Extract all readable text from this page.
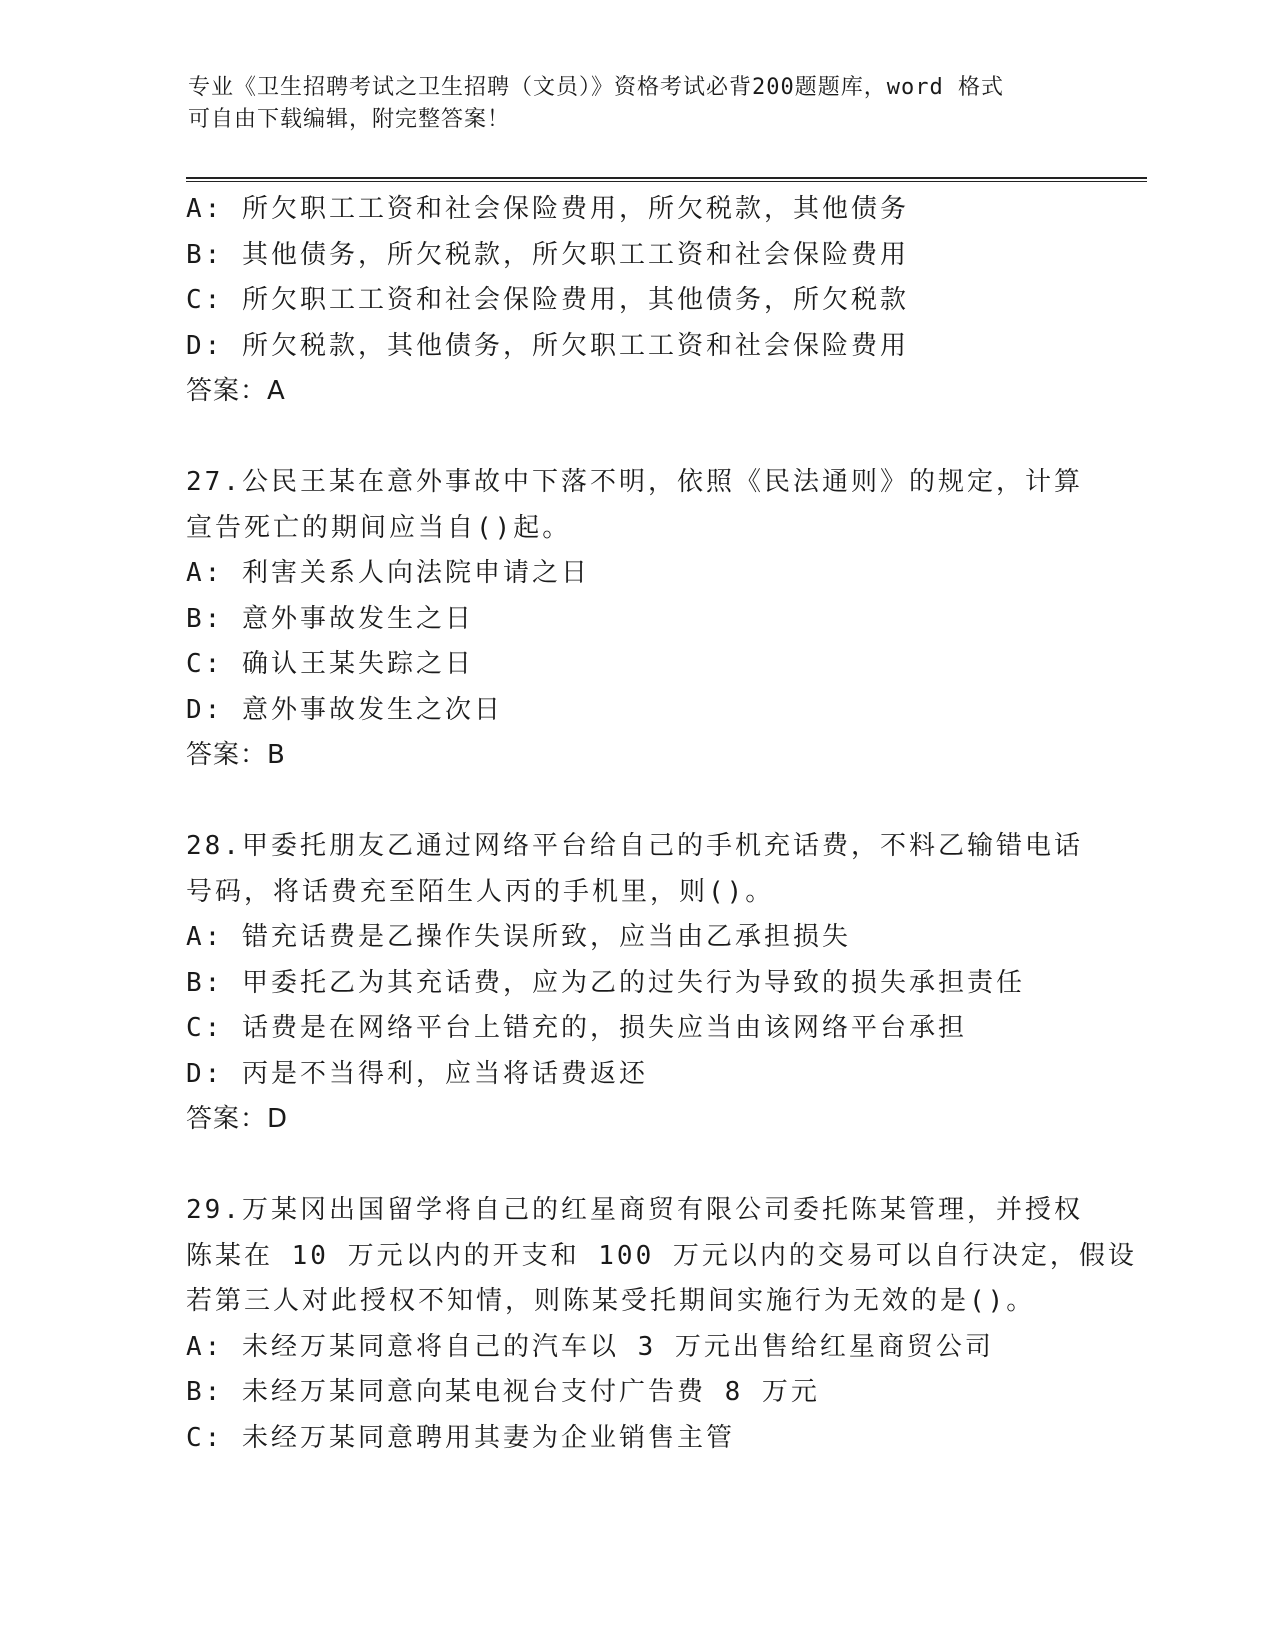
专业《卫生招聘考试之卫生招聘（文员）》资格考试必背200题题库，word 格式
可自由下载编辑，附完整答案！
A: 所欠职工工资和社会保险费用，所欠税款，其他债务
B: 其他债务，所欠税款，所欠职工工资和社会保险费用
C: 所欠职工工资和社会保险费用，其他债务，所欠税款
D: 所欠税款，其他债务，所欠职工工资和社会保险费用
答案：A
27.公民王某在意外事故中下落不明，依照《民法通则》的规定，计算
宣告死亡的期间应当自()起。
A: 利害关系人向法院申请之日
B: 意外事故发生之日
C: 确认王某失踪之日
D: 意外事故发生之次日
答案：B
28.甲委托朋友乙通过网络平台给自己的手机充话费，不料乙输错电话
号码，将话费充至陌生人丙的手机里，则()。
A: 错充话费是乙操作失误所致，应当由乙承担损失
B: 甲委托乙为其充话费，应为乙的过失行为导致的损失承担责任
C: 话费是在网络平台上错充的，损失应当由该网络平台承担
D: 丙是不当得利，应当将话费返还
答案：D
29.万某冈出国留学将自己的红星商贸有限公司委托陈某管理，并授权
陈某在 10 万元以内的开支和 100 万元以内的交易可以自行决定，假设
若第三人对此授权不知情，则陈某受托期间实施行为无效的是()。
A: 未经万某同意将自己的汽车以 3 万元出售给红星商贸公司
B: 未经万某同意向某电视台支付广告费 8 万元
C: 未经万某同意聘用其妻为企业销售主管
